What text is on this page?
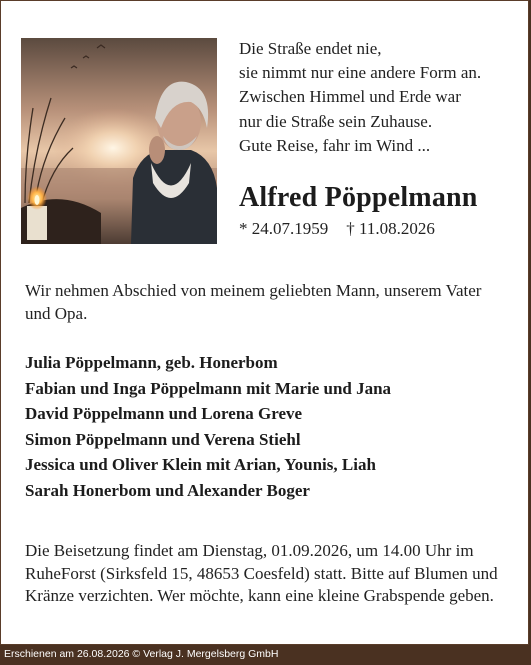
Die Straße endet nie,
sie nimmt nur eine andere Form an.
Zwischen Himmel und Erde war
nur die Straße sein Zuhause.
Gute Reise, fahr im Wind ...
Alfred Pöppelmann
* 24.07.1959 † 11.08.2026
Wir nehmen Abschied von meinem geliebten Mann, unserem Vater und Opa.
Julia Pöppelmann, geb. Honerbom
Fabian und Inga Pöppelmann mit Marie und Jana
David Pöppelmann und Lorena Greve
Simon Pöppelmann und Verena Stiehl
Jessica und Oliver Klein mit Arian, Younis, Liah
Sarah Honerbom und Alexander Boger
Die Beisetzung findet am Dienstag, 01.09.2026, um 14.00 Uhr im RuheForst (Sirksfeld 15, 48653 Coesfeld) statt. Bitte auf Blumen und Kränze verzichten. Wer möchte, kann eine kleine Grabspende geben.
Erschienen am 26.08.2026 © Verlag J. Mergelsberg GmbH
